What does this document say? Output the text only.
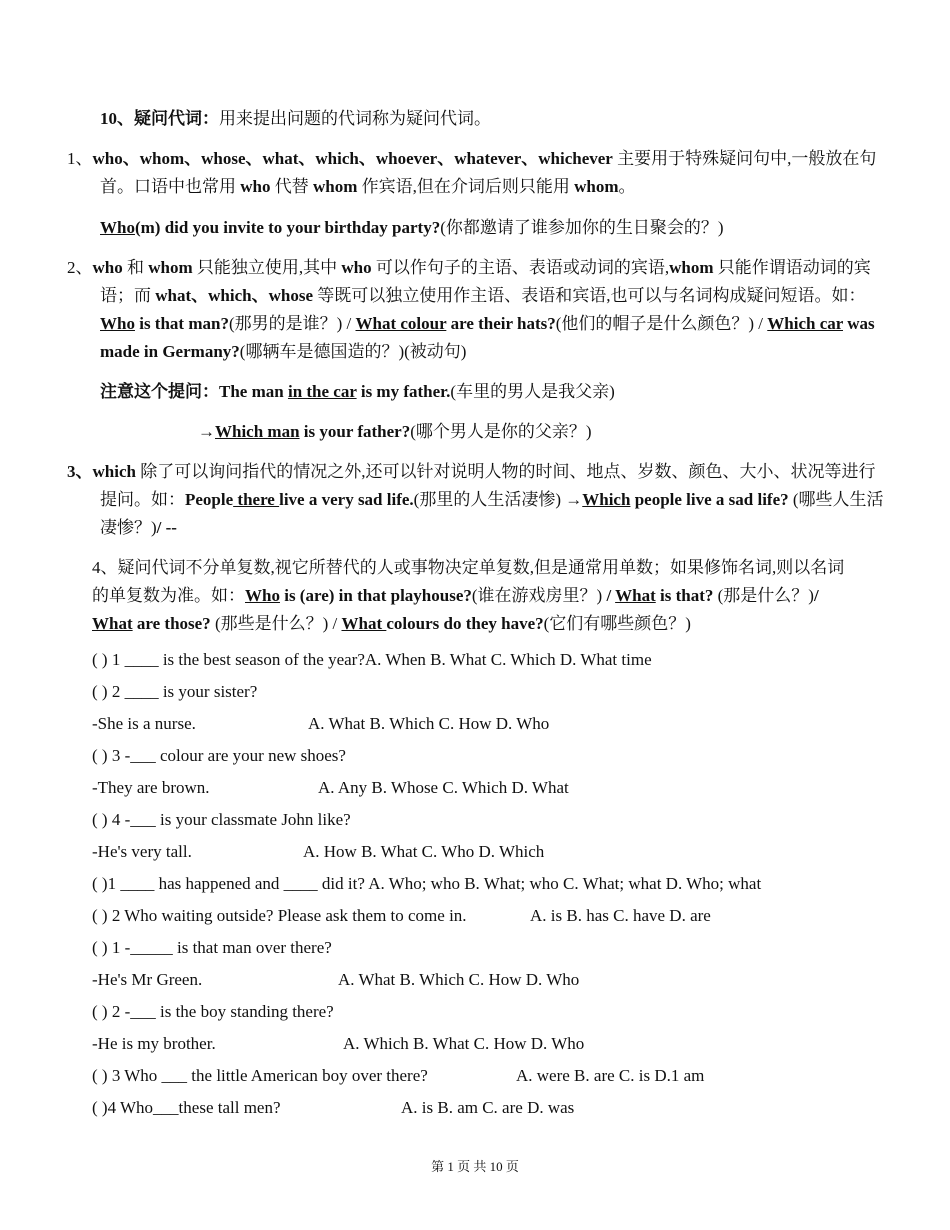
10、疑问代词：用来提出问题的代词称为疑问代词。

1、who、whom、whose、what、which、whoever、whatever、whichever 主要用于特殊疑问句中,一般放在句首。口语中也常用 who 代替 whom 作宾语,但在介词后则只能用 whom。

Who(m) did you invite to your birthday party?(你都邀请了谁参加你的生日聚会的？)

2、who 和 whom 只能独立使用,其中 who 可以作句子的主语、表语或动词的宾语,whom 只能作谓语动词的宾语；而 what、which、whose 等既可以独立使用作主语、表语和宾语,也可以与名词构成疑问短语。如： Who is that man?(那男的是谁？) / What colour are their hats?(他们的帽子是什么颜色？) / Which car was made in Germany?(哪辆车是德国造的？)(被动句)

注意这个提问：The man in the car is my father.(车里的男人是我父亲)

→Which man is your father?(哪个男人是你的父亲？)

3、which 除了可以询问指代的情况之外,还可以针对说明人物的时间、地点、岁数、颜色、大小、状况等进行提问。如：People there live a very sad life.(那里的人生活凄惨) →Which people live a sad life? (哪些人生活凄惨？)/ --

4、疑问代词不分单复数,视它所替代的人或事物决定单复数,但是通常用单数；如果修饰名词,则以名词的单复数为准。如：Who is (are) in that playhouse?(谁在游戏房里？) / What is that? (那是什么？)/ What are those? (那些是什么？) / What colours do they have?(它们有哪些颜色？)

( ) 1 ____ is the best season of the year?A. When B. What C. Which D. What time

( ) 2 ____ is your sister?

-She is a nurse.	A. What B. Which C. How D. Who

( ) 3 -___ colour are your new shoes?

-They are brown.	A. Any B. Whose C. Which D. What

( ) 4 -___ is your classmate John like?

-He's very tall.	A. How B. What C. Who D. Which

( )1 ____ has happened and ____ did it? A. Who; who B. What; who C. What; what D. Who; what

( ) 2 Who waiting outside? Please ask them to come in.	A. is B. has C. have D. are

( ) 1 -_____ is that man over there?

-He's Mr Green.	A. What B. Which C. How D. Who

( ) 2 -___ is the boy standing there?

-He is my brother.	A. Which B. What C. How D. Who

( ) 3 Who ___ the little American boy over there?	A. were B. are C. is D.1 am

( )4 Who___these tall men?	A. is B. am C. are D. was

第 1 页 共 10 页
